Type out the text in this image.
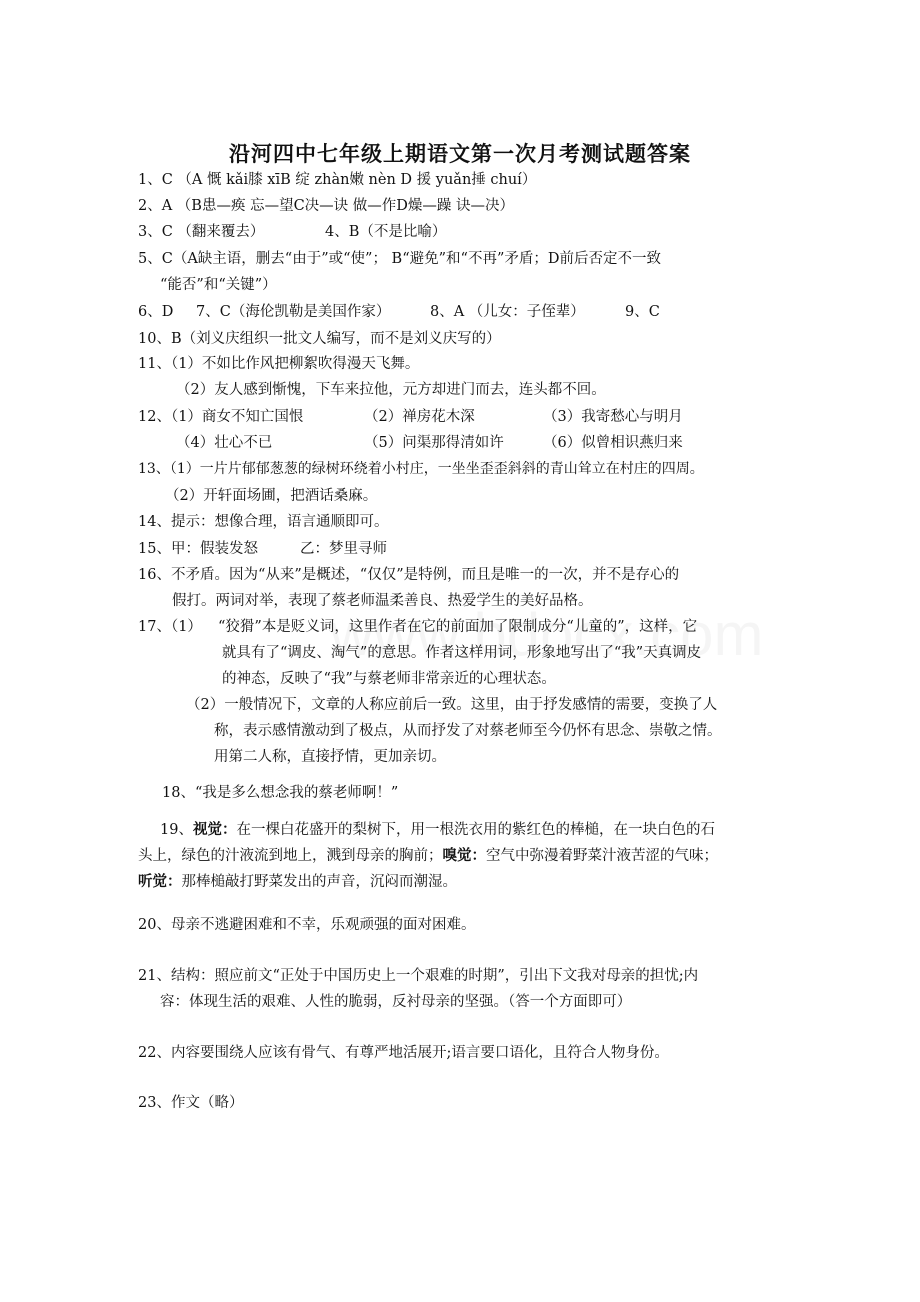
沿河四中七年级上期语文第一次月考测试题答案
1、C （A 慨 kǎi膝 xīB 绽 zhàn嫩 nèn D 援 yuǎn捶 chuí）
2、A （B患—痪 忘—望C决—诀 做—作D燥—躁 诀—决）
3、C （翻来覆去）	4、B（不是比喻）
5、C（A缺主语，删去“由于”或“使”； B“避免”和“不再”矛盾；D前后否定不一致
“能否”和“关键”）
6、D 7、C（海伦凯勒是美国作家）	8、A （儿女：子侄辈）	9、C
10、B（刘义庆组织一批文人编写，而不是刘义庆写的）
11、（1）不如比作风把柳絮吹得漫天飞舞。
（2）友人感到惭愧，下车来拉他，元方却进门而去，连头都不回。
12、（1）商女不知亡国恨	（2）禅房花木深	（3）我寄愁心与明月
（4）壮心不已	（5）问渠那得清如许	（6）似曾相识燕归来
13、（1）一片片郁郁葱葱的绿树环绕着小村庄，一坐坐歪歪斜斜的青山耸立在村庄的四周。
（2）开轩面场圃，把酒话桑麻。
14、提示：想像合理，语言通顺即可。
15、甲：假装发怒	乙：梦里寻师
16、不矛盾。因为“从来”是概述，“仅仅”是特例，而且是唯一的一次，并不是存心的
假打。两词对举，表现了蔡老师温柔善良、热爱学生的美好品格。
17、（1） “狡猾”本是贬义词，这里作者在它的前面加了限制成分“儿童的”，这样，它
就具有了“调皮、淘气”的意思。作者这样用词，形象地写出了“我”天真调皮
的神态，反映了“我”与蔡老师非常亲近的心理状态。
（2）一般情况下，文章的人称应前后一致。这里，由于抒发感情的需要，变换了人
称，表示感情激动到了极点，从而抒发了对蔡老师至今仍怀有思念、崇敬之情。
用第二人称，直接抒情，更加亲切。
18、“我是多么想念我的蔡老师啊！”
19、视觉：在一棵白花盛开的梨树下，用一根洗衣用的紫红色的棒槌，在一块白色的石
头上，绿色的汁液流到地上，溅到母亲的胸前；嗅觉：空气中弥漫着野菜汁液苦涩的气味；
听觉：那棒槌敲打野菜发出的声音，沉闷而潮湿。
20、母亲不逃避困难和不幸，乐观顽强的面对困难。
21、结构：照应前文“正处于中国历史上一个艰难的时期”，引出下文我对母亲的担忧;内
容：体现生活的艰难、人性的脆弱，反衬母亲的坚强。（答一个方面即可）
22、内容要围绕人应该有骨气、有尊严地活展开;语言要口语化，且符合人物身份。
23、作文（略）
